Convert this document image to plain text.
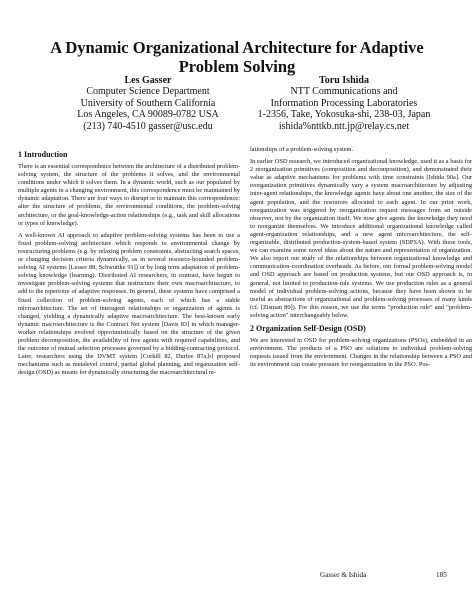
A Dynamic Organizational Architecture for Adaptive
Problem Solving
Les Gasser
Computer Science Department
University of Southern California
Los Angeles, CA 90089-0782 USA
(213) 740-4510 gasser@usc.edu
Toru Ishida
NTT Communications and
Information Processing Laboratories
1-2356, Take, Yokosuka-shi, 238-03, Japan
ishida%nttkb.ntt.jp@relay.cs.net
1 Introduction

There is an essential correspondence between the architecture of a distributed problem-solving system, the structure of the problems it solves, and the environmental conditions under which it solves them. In a dynamic world, such as our populated by multiple agents in a changing environment, this correspondence must be maintained by dynamic adaptation. There are four ways to disrupt or to maintain this correspondence: alter the structure of problems, the environmental conditions, the problem-solving architecture, or the goal-knowledge-action relationships (e.g., task and skill allocations or types of knowledge).

A well-known AI approach to adaptive problem-solving systems has been to use a fixed problem-solving architecture which responds to environmental change by restructuring problems (e.g. by relaxing problem constraints, abstracting search spaces, or changing decision criteria dynamically, as in several resource-bounded problem-solving AI systems [Lesser 88, Schwuttke 91]) or by long term adaptation of problem-solving knowledge (learning). Distributed AI researchers, in contrast, have begun to investigate problem-solving systems that restructure their own macroarchitecture, to add to the repertoire of adaptive responses. In general, these systems have comprised a fixed collection of problem-solving agents, each of which has a stable microarchitecture. The set of interagent relationships or organization of agents is changed, yielding a dynamically adaptive macroarchitecture. The best-known early dynamic macroarchitecture is the Contract Net system [Davis 83] in which manager-worker relationships evolved opportunistically based on the structure of the given problem decomposition, the availability of free agents with required capabilities, and the outcome of mutual selection processes governed by a bidding-contracting protocol. Later, researchers using the DVMT system [Corkill 82, Durfee 87a,b] proposed mechanisms such as metalevel control, partial global planning, and organization self-design (OSD) as means for dynamically structuring the macroarchitectural re-

lationships of a problem-solving system.

In earlier OSD research, we introduced organizational knowledge, used it as a basis for 2 reorganization primitives (composition and decomposition), and demonstrated their value as adaptive mechanisms for problems with time constraints [Ishida 90a]. Our reorganization primitives dynamically vary a system macroarchitecture by adjusting inter-agent relationships, the knowledge agents have about one another, the size of the agent population, and the resources allocated to each agent. In our prior work, reorganization was triggered by reorganization request messages from an outside observer, not by the organization itself. We now give agents the knowledge they need to reorganize themselves. We introduce additional organizational knowledge called agent-organization relationships, and a new agent microarchitecture, the self-organizable, distributed production-system-based system (SDPSA). With these tools, we can examine some novel ideas about the nature and representation of organization. We also report our study of the relationships between organizational knowledge and communication-coordination overheads. As before, our formal problem-solving model and OSD approach are based on production systems, but our OSD approach is, in general, not limited to production-rule systems. We use production rules as a general model of individual problem-solving actions, because they have been shown to be useful as abstractions of organizational and problem-solving processes of many kinds (cf. [Zisman 80]). For this reason, we use the terms "production rule" and "problem-solving action" interchangeably below.

2 Organization Self-Design (OSD)

We are interested in OSD for problem-solving organizations (PSOs), embedded in an environment. The products of a PSO are solutions to individual problem-solving requests issued from the environment. Changes in the relationship between a PSO and its environment can create pressure for reorganization in the PSO. Pos-

Gasser & Ishida	185
